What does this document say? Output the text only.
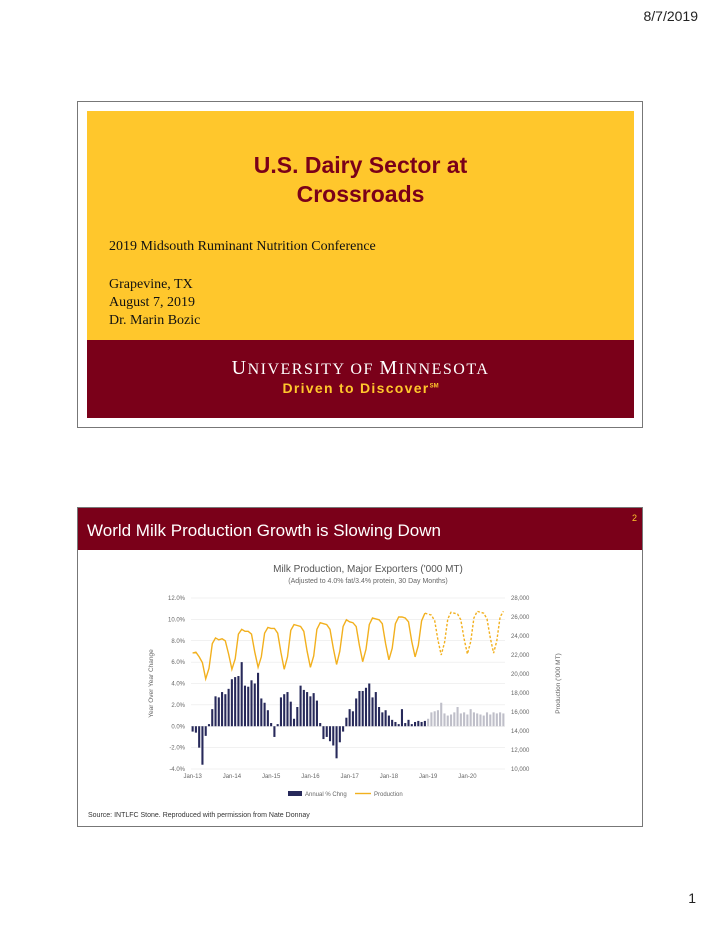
8/7/2019
U.S. Dairy Sector at
Crossroads
2019 Midsouth Ruminant Nutrition Conference
Grapevine, TX
August 7, 2019
Dr. Marin Bozic
UNIVERSITY OF MINNESOTA
Driven to Discover℠
World Milk Production Growth is Slowing Down
2
Milk Production, Major Exporters ('000 MT)
(Adjusted to 4.0% fat/3.4% protein, 30 Day Months)
12.0%
10.0%
8.0%
6.0%
4.0%
2.0%
0.0%
-2.0%
-4.0%
28,000
26,000
24,000
22,000
20,000
18,000
16,000
14,000
12,000
10,000
Jan-13	Jan-14	Jan-15	Jan-16	Jan-17	Jan-18	Jan-19	Jan-20
Year Over Year Change	Production ('000 MT)
Annual % Chng	Production
Source: INTLFC Stone. Reproduced with permission from Nate Donnay
1
